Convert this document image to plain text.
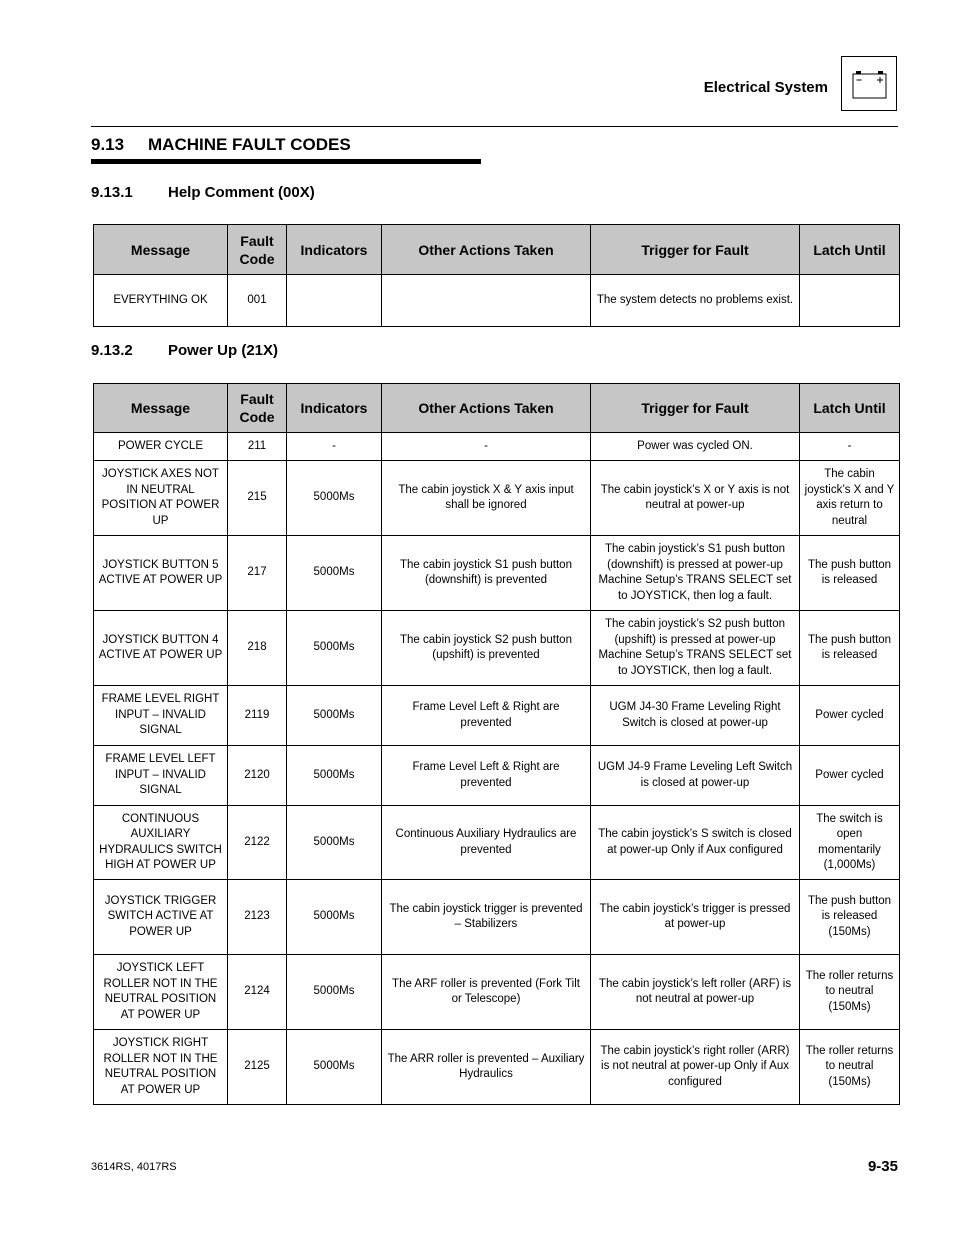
Electrical System
9.13 MACHINE FAULT CODES
9.13.1 Help Comment (00X)
Message	Fault Code	Indicators	Other Actions Taken	Trigger for Fault	Latch Until
EVERYTHING OK	001			The system detects no problems exist.	
9.13.2 Power Up (21X)
Message	Fault Code	Indicators	Other Actions Taken	Trigger for Fault	Latch Until
POWER CYCLE	211	-	-	Power was cycled ON.	-
JOYSTICK AXES NOT IN NEUTRAL POSITION AT POWER UP	215	5000Ms	The cabin joystick X & Y axis input shall be ignored	The cabin joystick’s X or Y axis is not neutral at power-up	The cabin joystick’s X and Y axis return to neutral
JOYSTICK BUTTON 5 ACTIVE AT POWER UP	217	5000Ms	The cabin joystick S1 push button (downshift) is prevented	The cabin joystick’s S1 push button (downshift) is pressed at power-up Machine Setup’s TRANS SELECT set to JOYSTICK, then log a fault.	The push button is released
JOYSTICK BUTTON 4 ACTIVE AT POWER UP	218	5000Ms	The cabin joystick S2 push button (upshift) is prevented	The cabin joystick’s S2 push button (upshift) is pressed at power-up Machine Setup’s TRANS SELECT set to JOYSTICK, then log a fault.	The push button is released
FRAME LEVEL RIGHT INPUT – INVALID SIGNAL	2119	5000Ms	Frame Level Left & Right are prevented	UGM J4-30 Frame Leveling Right Switch is closed at power-up	Power cycled
FRAME LEVEL LEFT INPUT – INVALID SIGNAL	2120	5000Ms	Frame Level Left & Right are prevented	UGM J4-9 Frame Leveling Left Switch is closed at power-up	Power cycled
CONTINUOUS AUXILIARY HYDRAULICS SWITCH HIGH AT POWER UP	2122	5000Ms	Continuous Auxiliary Hydraulics are prevented	The cabin joystick’s S switch is closed at power-up Only if Aux configured	The switch is open momentarily (1,000Ms)
JOYSTICK TRIGGER SWITCH ACTIVE AT POWER UP	2123	5000Ms	The cabin joystick trigger is prevented – Stabilizers	The cabin joystick’s trigger is pressed at power-up	The push button is released (150Ms)
JOYSTICK LEFT ROLLER NOT IN THE NEUTRAL POSITION AT POWER UP	2124	5000Ms	The ARF roller is prevented (Fork Tilt or Telescope)	The cabin joystick’s left roller (ARF) is not neutral at power-up	The roller returns to neutral (150Ms)
JOYSTICK RIGHT ROLLER NOT IN THE NEUTRAL POSITION AT POWER UP	2125	5000Ms	The ARR roller is prevented – Auxiliary Hydraulics	The cabin joystick’s right roller (ARR) is not neutral at power-up Only if Aux configured	The roller returns to neutral (150Ms)
3614RS, 4017RS	9-35
